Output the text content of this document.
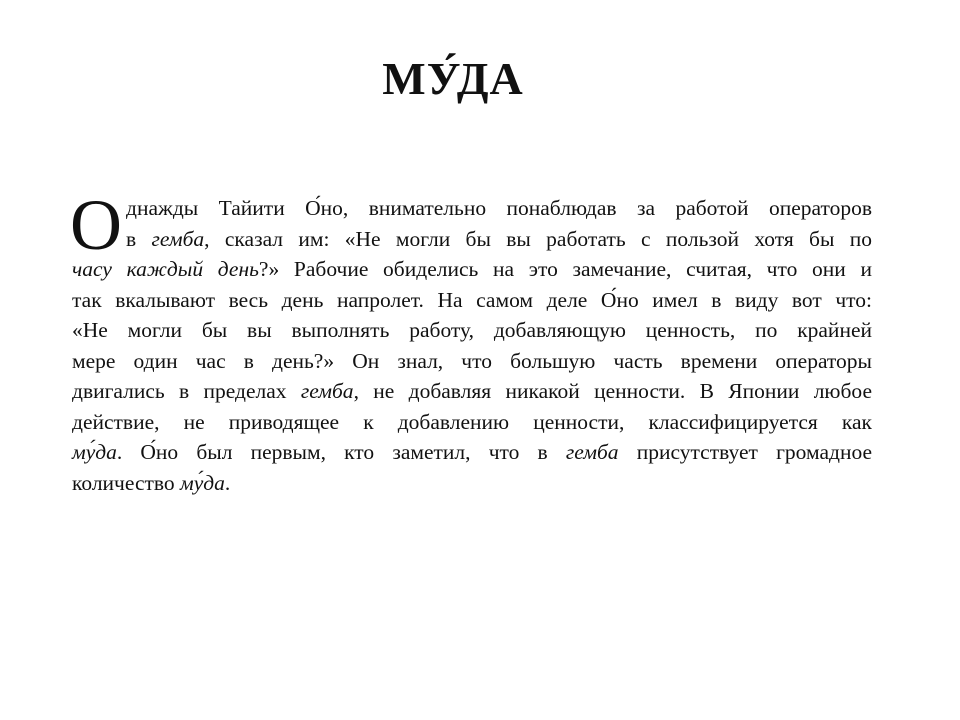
МУ́ДА
О днажды Тайити О́но, внимательно понаблюдав за работой операторов
в гемба, сказал им: «Не могли бы вы работать с пользой хотя бы по
часу каждый день?» Рабочие обиделись на это замечание, считая, что они и
так вкалывают весь день напролет. На самом деле О́но имел в виду вот что:
«Не могли бы вы выполнять работу, добавляющую ценность, по крайней
мере один час в день?» Он знал, что большую часть времени операторы
двигались в пределах гемба, не добавляя никакой ценности. В Японии любое
действие, не приводящее к добавлению ценности, классифицируется как
му́да. О́но был первым, кто заметил, что в гемба присутствует громадное
количество му́да.
